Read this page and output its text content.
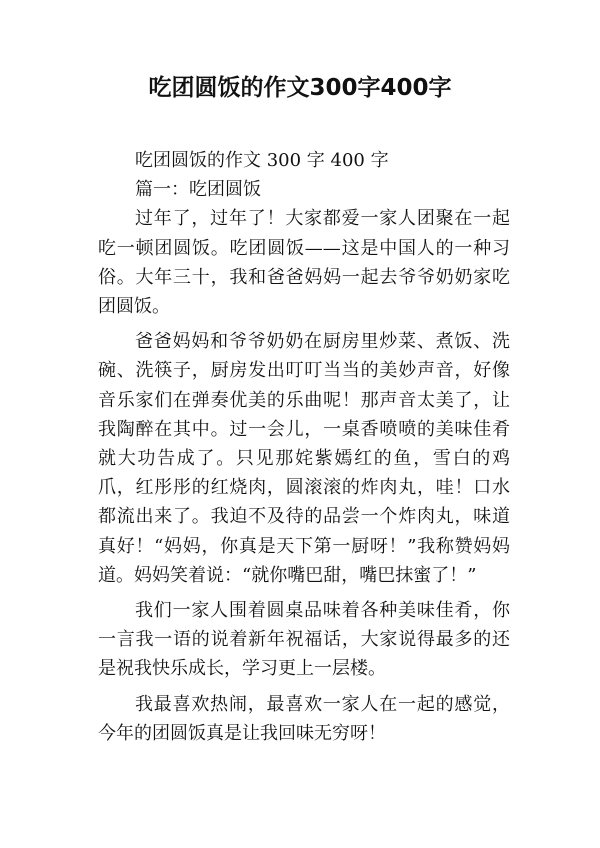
吃团圆饭的作文300字400字

吃团圆饭的作文 300 字 400 字

篇一：吃团圆饭

过年了，过年了！大家都爱一家人团聚在一起吃一顿团圆饭。吃团圆饭——这是中国人的一种习俗。大年三十，我和爸爸妈妈一起去爷爷奶奶家吃团圆饭。

爸爸妈妈和爷爷奶奶在厨房里炒菜、煮饭、洗碗、洗筷子，厨房发出叮叮当当的美妙声音，好像音乐家们在弹奏优美的乐曲呢！那声音太美了，让我陶醉在其中。过一会儿，一桌香喷喷的美味佳肴就大功告成了。只见那姹紫嫣红的鱼，雪白的鸡爪，红彤彤的红烧肉，圆滚滚的炸肉丸，哇！口水都流出来了。我迫不及待的品尝一个炸肉丸，味道真好！“妈妈，你真是天下第一厨呀！”我称赞妈妈道。妈妈笑着说：“就你嘴巴甜，嘴巴抹蜜了！”

我们一家人围着圆桌品味着各种美味佳肴，你一言我一语的说着新年祝福话，大家说得最多的还是祝我快乐成长，学习更上一层楼。

我最喜欢热闹，最喜欢一家人在一起的感觉，今年的团圆饭真是让我回味无穷呀！
